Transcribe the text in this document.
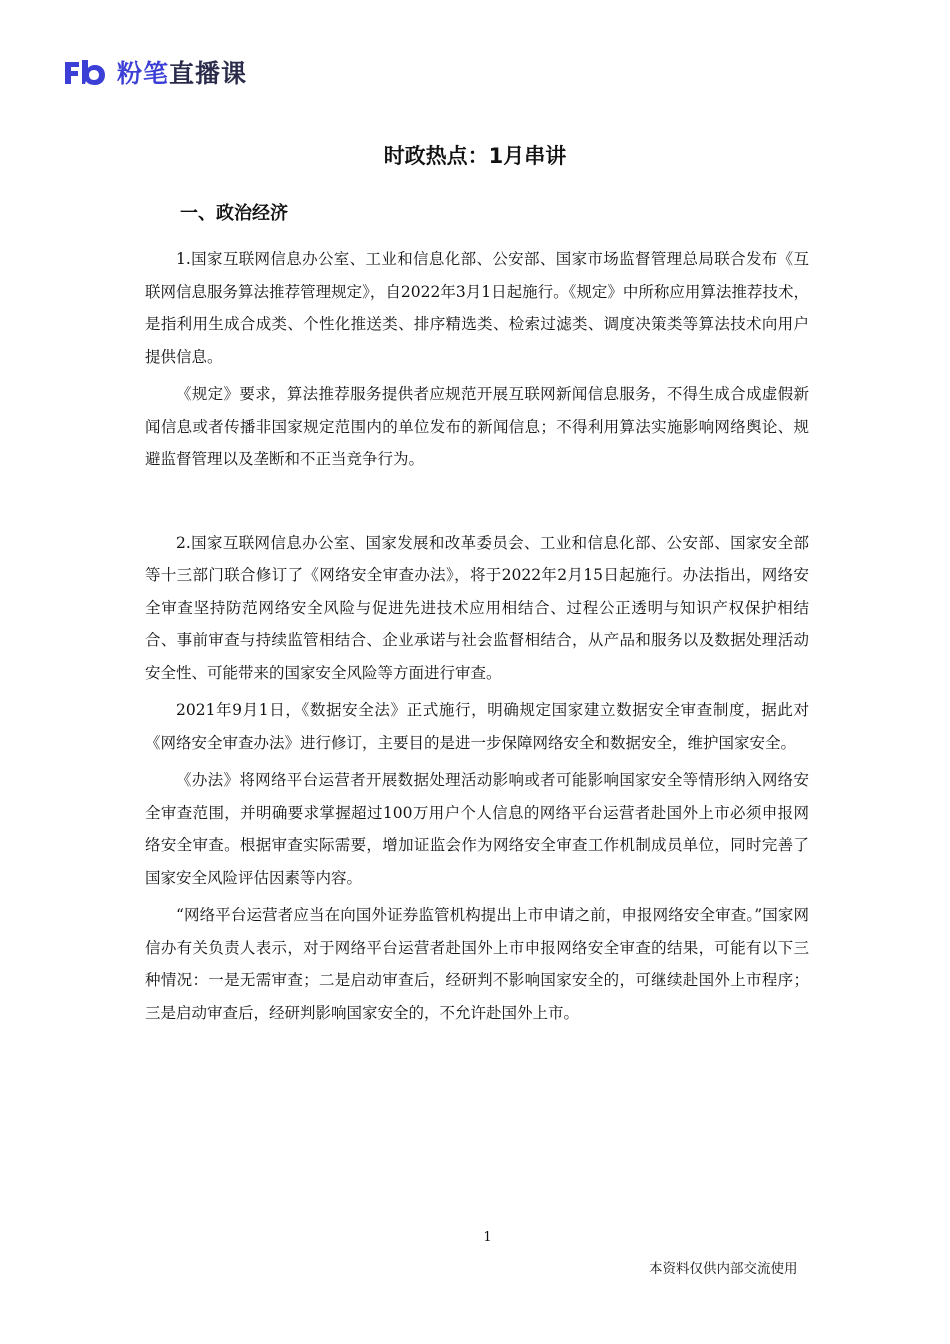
粉笔直播课
时政热点：1月串讲
一、政治经济

1.国家互联网信息办公室、工业和信息化部、公安部、国家市场监督管理总局联合发布《互联网信息服务算法推荐管理规定》，自2022年3月1日起施行。《规定》中所称应用算法推荐技术，是指利用生成合成类、个性化推送类、排序精选类、检索过滤类、调度决策类等算法技术向用户提供信息。

《规定》要求，算法推荐服务提供者应规范开展互联网新闻信息服务，不得生成合成虚假新闻信息或者传播非国家规定范围内的单位发布的新闻信息；不得利用算法实施影响网络舆论、规避监督管理以及垄断和不正当竞争行为。

2.国家互联网信息办公室、国家发展和改革委员会、工业和信息化部、公安部、国家安全部等十三部门联合修订了《网络安全审查办法》，将于2022年2月15日起施行。办法指出，网络安全审查坚持防范网络安全风险与促进先进技术应用相结合、过程公正透明与知识产权保护相结合、事前审查与持续监管相结合、企业承诺与社会监督相结合，从产品和服务以及数据处理活动安全性、可能带来的国家安全风险等方面进行审查。

2021年9月1日，《数据安全法》正式施行，明确规定国家建立数据安全审查制度，据此对《网络安全审查办法》进行修订，主要目的是进一步保障网络安全和数据安全，维护国家安全。

《办法》将网络平台运营者开展数据处理活动影响或者可能影响国家安全等情形纳入网络安全审查范围，并明确要求掌握超过100万用户个人信息的网络平台运营者赴国外上市必须申报网络安全审查。根据审查实际需要，增加证监会作为网络安全审查工作机制成员单位，同时完善了国家安全风险评估因素等内容。

“网络平台运营者应当在向国外证券监管机构提出上市申请之前，申报网络安全审查。”国家网信办有关负责人表示，对于网络平台运营者赴国外上市申报网络安全审查的结果，可能有以下三种情况：一是无需审查；二是启动审查后，经研判不影响国家安全的，可继续赴国外上市程序；三是启动审查后，经研判影响国家安全的，不允许赴国外上市。

1
本资料仅供内部交流使用
